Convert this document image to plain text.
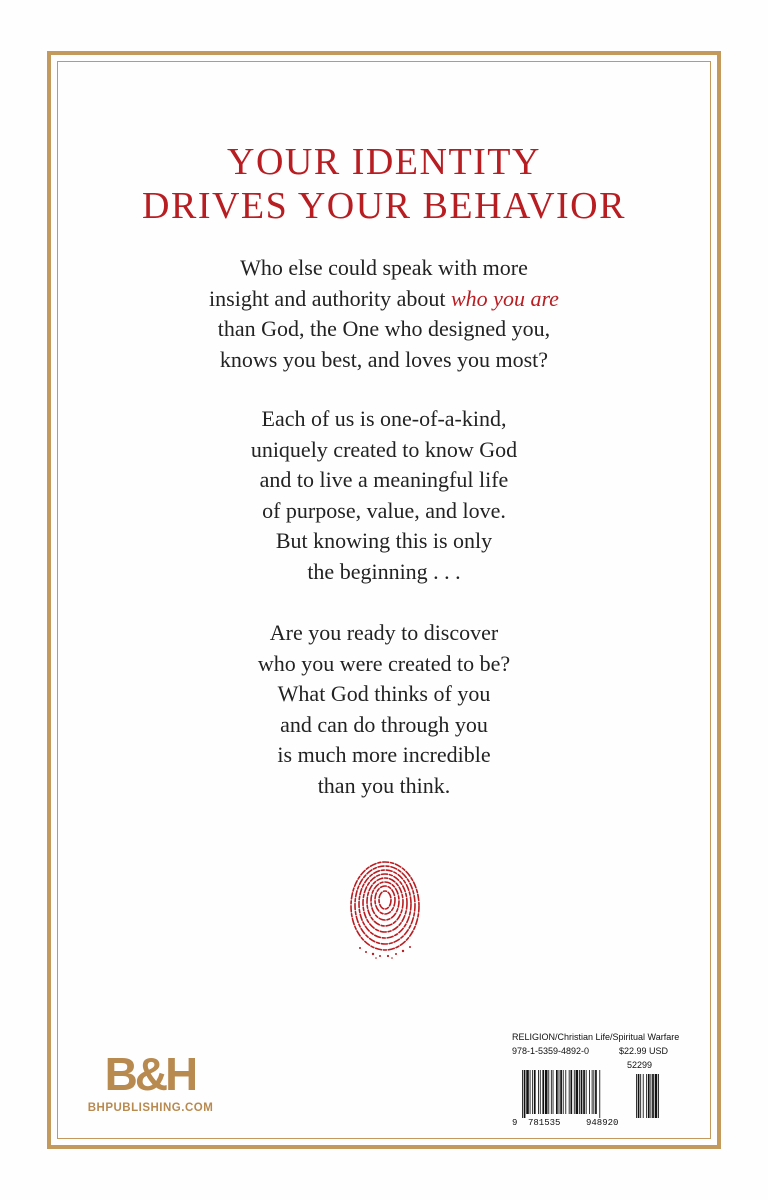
YOUR IDENTITY
DRIVES YOUR BEHAVIOR

Who else could speak with more
insight and authority about who you are
than God, the One who designed you,
knows you best, and loves you most?

Each of us is one-of-a-kind,
uniquely created to know God
and to live a meaningful life
of purpose, value, and love.
But knowing this is only
the beginning . . .

Are you ready to discover
who you were created to be?
What God thinks of you
and can do through you
is much more incredible
than you think.

B&H
BHPUBLISHING.COM
RELIGION/Christian Life/Spiritual Warfare
978-1-5359-4892-0	$22.99 USD
52299
9 781535	948920
